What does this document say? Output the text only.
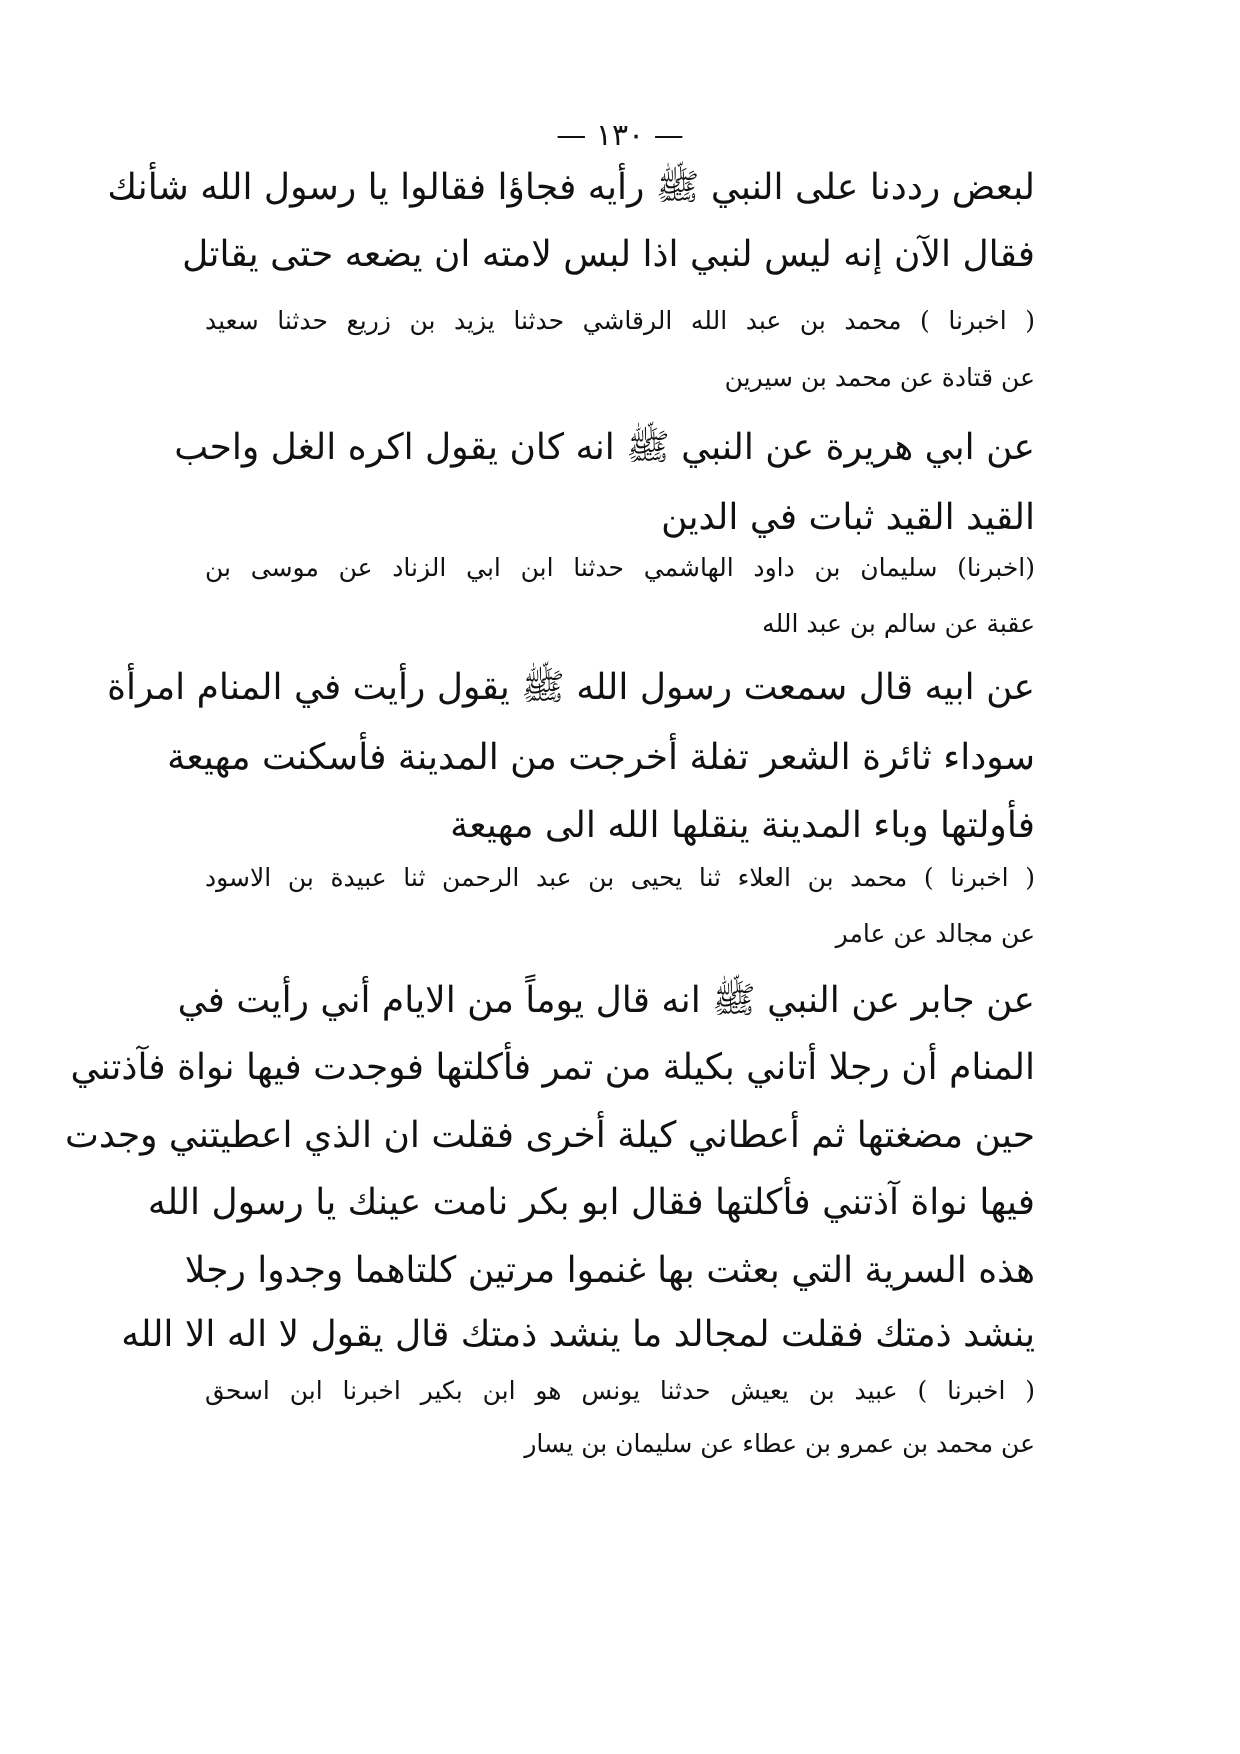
— ١٣٠ —
لبعض رددنا على النبي ﷺ رأيه فجاؤا فقالوا يا رسول الله شأنك
فقال الآن إنه ليس لنبي اذا لبس لامته ان يضعه حتى يقاتل
( اخبرنا ) محمد بن عبد الله الرقاشي حدثنا يزيد بن زريع حدثنا سعيد
عن قتادة عن محمد بن سيرين
عن ابي هريرة عن النبي ﷺ انه كان يقول اكره الغل واحب
القيد القيد ثبات في الدين
(اخبرنا) سليمان بن داود الهاشمي حدثنا ابن ابي الزناد عن موسى بن
عقبة عن سالم بن عبد الله
عن ابيه قال سمعت رسول الله ﷺ يقول رأيت في المنام امرأة
سوداء ثائرة الشعر تفلة أخرجت من المدينة فأسكنت مهيعة
فأولتها وباء المدينة ينقلها الله الى مهيعة
( اخبرنا ) محمد بن العلاء ثنا يحيى بن عبد الرحمن ثنا عبيدة بن الاسود
عن مجالد عن عامر
عن جابر عن النبي ﷺ انه قال يوماً من الايام أني رأيت في
المنام أن رجلا أتاني بكيلة من تمر فأكلتها فوجدت فيها نواة فآذتني
حين مضغتها ثم أعطاني كيلة أخرى فقلت ان الذي اعطيتني وجدت
فيها نواة آذتني فأكلتها فقال ابو بكر نامت عينك يا رسول الله
هذه السرية التي بعثت بها غنموا مرتين كلتاهما وجدوا رجلا
ينشد ذمتك فقلت لمجالد ما ينشد ذمتك قال يقول لا اله الا الله
( اخبرنا ) عبيد بن يعيش حدثنا يونس هو ابن بكير اخبرنا ابن اسحق
عن محمد بن عمرو بن عطاء عن سليمان بن يسار
